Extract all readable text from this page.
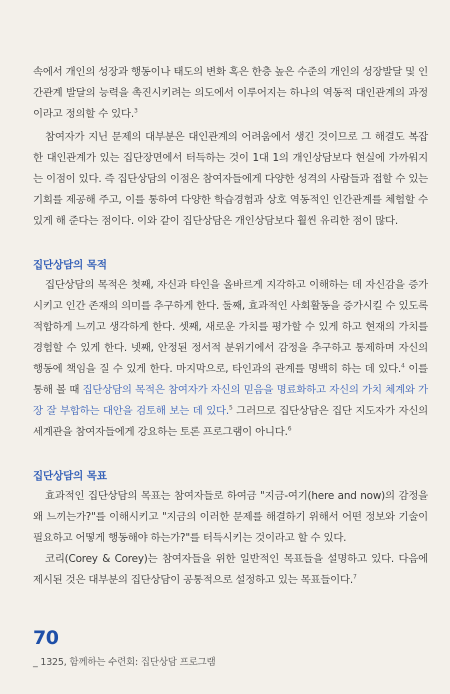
속에서 개인의 성장과 행동이나 태도의 변화 혹은 한층 높은 수준의 개인의 성장발달 및 인간관계 발달의 능력을 촉진시키려는 의도에서 이루어지는 하나의 역동적 대인관계의 과정이라고 정의할 수 있다.$^3$

참여자가 지닌 문제의 대부분은 대인관계의 어려움에서 생긴 것이므로 그 해결도 복잡한 대인관계가 있는 집단장면에서 터득하는 것이 1대 1의 개인상담보다 현실에 가까워지는 이점이 있다. 즉 집단상담의 이점은 참여자들에게 다양한 성격의 사람들과 접할 수 있는 기회를 제공해 주고, 이를 통하여 다양한 학습경험과 상호 역동적인 인간관계를 체험할 수 있게 해 준다는 점이다. 이와 같이 집단상담은 개인상담보다 훨씬 유리한 점이 많다.

집단상담의 목적

집단상담의 목적은 첫째, 자신과 타인을 올바르게 지각하고 이해하는 데 자신감을 증가시키고 인간 존재의 의미를 추구하게 한다. 둘째, 효과적인 사회활동을 증가시킬 수 있도록 적합하게 느끼고 생각하게 한다. 셋째, 새로운 가치를 평가할 수 있게 하고 현재의 가치를 경험할 수 있게 한다. 넷째, 안정된 정서적 분위기에서 감정을 추구하고 통제하며 자신의 행동에 책임을 질 수 있게 한다. 마지막으로, 타인과의 관계를 명백히 하는 데 있다.$^4$ 이를 통해 볼 때 집단상담의 목적은 참여자가 자신의 믿음을 명료화하고 자신의 가치 체계와 가장 잘 부합하는 대안을 검토해 보는 데 있다.$^5$ 그러므로 집단상담은 집단 지도자가 자신의 세계관을 참여자들에게 강요하는 토론 프로그램이 아니다.$^6$

집단상담의 목표

효과적인 집단상담의 목표는 참여자들로 하여금 "지금-여기(here and now)의 감정을 왜 느끼는가?"를 이해시키고 "지금의 이러한 문제를 해결하기 위해서 어떤 정보와 기술이 필요하고 어떻게 행동해야 하는가?"를 터득시키는 것이라고 할 수 있다.

코리(Corey & Corey)는 참여자들을 위한 일반적인 목표들을 설명하고 있다. 다음에 제시된 것은 대부분의 집단상담이 공통적으로 설정하고 있는 목표들이다.$^7$

70
_ 1325, 함께하는 수련회: 집단상담 프로그램
